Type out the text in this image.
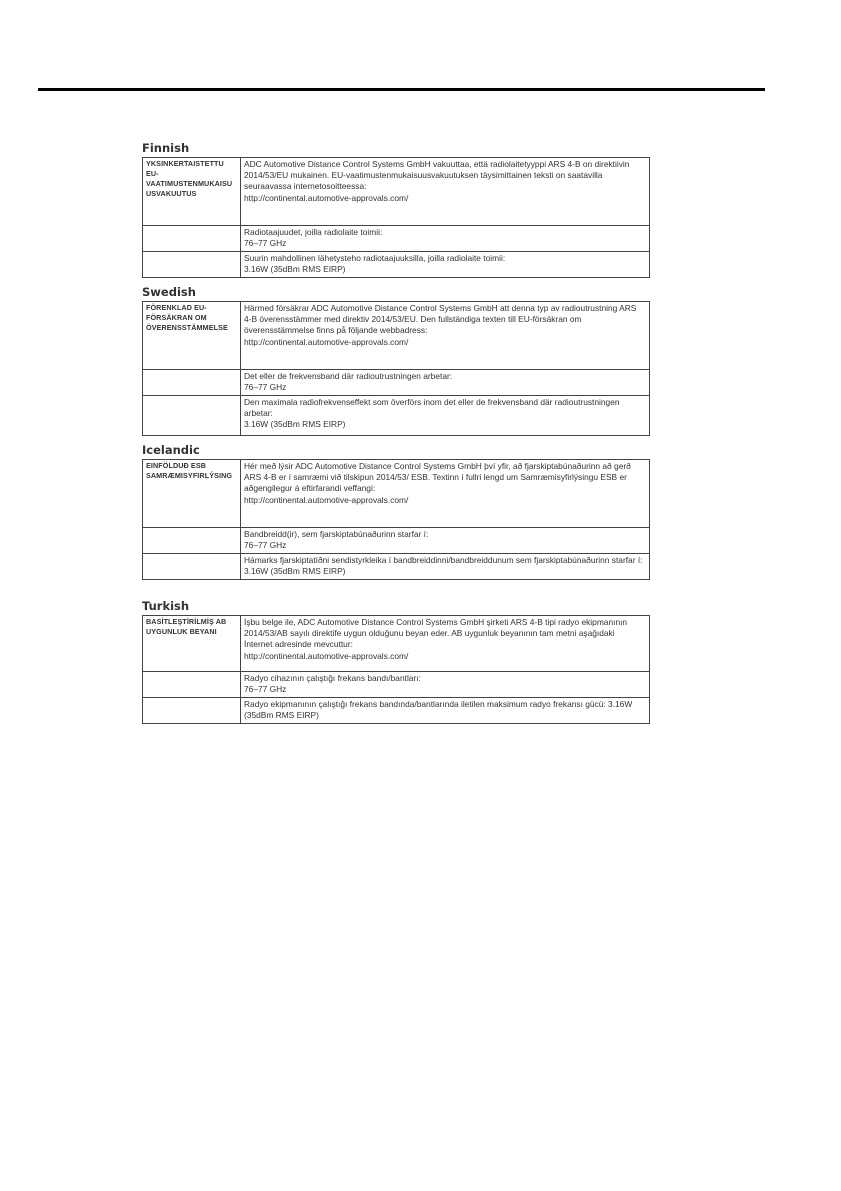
Finnish
YKSINKERTAISTETTU EU-VAATIMUSTENMUKAISU USVAKUUTUS	ADC Automotive Distance Control Systems GmbH vakuuttaa, että radiolaitetyyppi ARS 4-B on direktiivin 2014/53/EU mukainen. EU-vaatimustenmukaisuusvakuutuksen täysimittainen teksti on saatavilla seuraavassa internetosoitteessa:
http://continental.automotive-approvals.com/

	Radiotaajuudet, joilla radiolaite toimii:
76–77 GHz

	Suurin mahdollinen lähetysteho radiotaajuuksilla, joilla radiolaite toimii:
3.16W (35dBm RMS EIRP)
Swedish
FÖRENKLAD EU-FÖRSÄKRAN OM ÖVERENSSTÄMMELSE	Härmed försäkrar ADC Automotive Distance Control Systems GmbH att denna typ av radioutrustning ARS 4-B överensstämmer med direktiv 2014/53/EU. Den fullständiga texten till EU-försäkran om överensstämmelse finns på följande webbadress:
http://continental.automotive-approvals.com/

	Det eller de frekvensband där radioutrustningen arbetar:
76–77 GHz

	Den maximala radiofrekvenseffekt som överförs inom det eller de frekvensband där radioutrustningen arbetar:
3.16W (35dBm RMS EIRP)
Icelandic
EINFÖLDUÐ ESB SAMRÆMISYFIRLÝSING	Hér með lýsir ADC Automotive Distance Control Systems GmbH því yfir, að fjarskiptabúnaðurinn að gerð ARS 4-B er í samræmi við tilskipun 2014/53/ ESB. Textinn í fullri lengd um Samræmisyfirlýsingu ESB er aðgengilegur á eftirfarandi veffangi:
http://continental.automotive-approvals.com/

	Bandbreidd(ir), sem fjarskiptabúnaðurinn starfar í:
76–77 GHz

	Hámarks fjarskiptatíðni sendistyrkleika í bandbreiddinni/bandbreiddunum sem fjarskiptabúnaðurinn starfar í: 3.16W (35dBm RMS EIRP)
Turkish
BASİTLEŞTİRİLMİŞ AB UYGUNLUK BEYANI	İşbu belge ile, ADC Automotive Distance Control Systems GmbH şirketi ARS 4-B tipi radyo ekipmanının 2014/53/AB sayılı direktife uygun olduğunu beyan eder. AB uygunluk beyanının tam metni aşağıdaki İnternet adresinde mevcuttur:
http://continental.automotive-approvals.com/

	Radyo cihazının çalıştığı frekans bandı/bantları:
76–77 GHz

	Radyo ekipmanının çalıştığı frekans bandında/bantlarında iletilen maksimum radyo frekansı gücü: 3.16W (35dBm RMS EIRP)
